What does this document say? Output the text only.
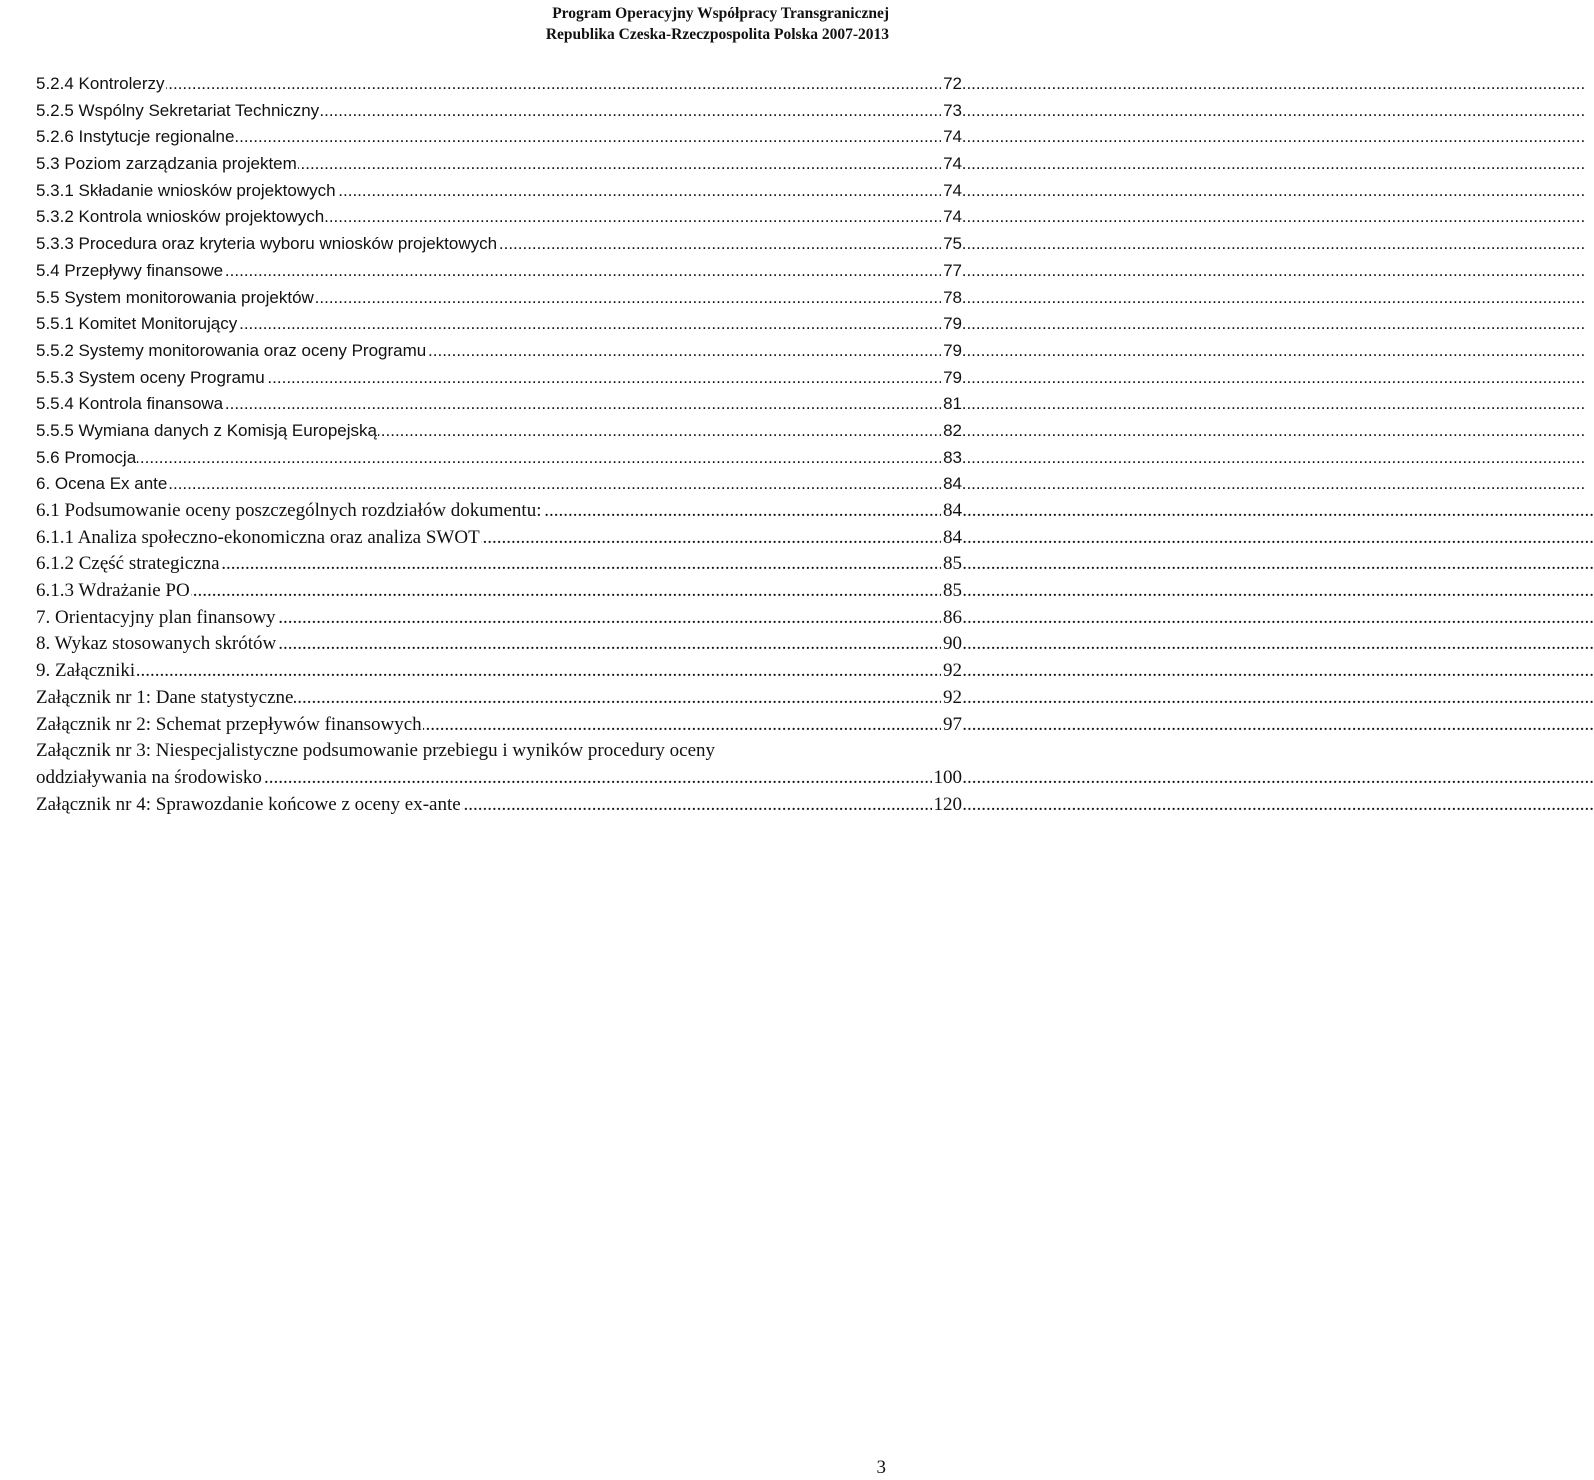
Program Operacyjny Współpracy Transgranicznej
Republika Czeska-Rzeczpospolita Polska 2007-2013
5.2.4 Kontrolerzy	72
.....
5.2.5 Wspólny Sekretariat Techniczny	73
.....
5.2.6 Instytucje regionalne	74
.....
5.3 Poziom zarządzania projektem	74
.....
5.3.1 Składanie wniosków projektowych	74
.....
5.3.2 Kontrola wniosków projektowych	74
.....
5.3.3 Procedura oraz kryteria wyboru wniosków projektowych	75
.....
5.4 Przepływy finansowe	77
.....
5.5 System monitorowania projektów	78
.....
5.5.1 Komitet Monitorujący	79
.....
5.5.2 Systemy monitorowania oraz oceny Programu	79
.....
5.5.3 System oceny Programu	79
.....
5.5.4 Kontrola finansowa	81
.....
5.5.5 Wymiana danych z Komisją Europejską	82
.....
5.6 Promocja	83
.....
6. Ocena Ex ante	84
.....
6.1 Podsumowanie oceny poszczególnych rozdziałów dokumentu:	84
.....
6.1.1 Analiza społeczno-ekonomiczna oraz analiza SWOT	84
.....
6.1.2 Część strategiczna	85
.....
6.1.3 Wdrażanie PO	85
.....
7. Orientacyjny plan finansowy	86
.....
8. Wykaz stosowanych skrótów	90
.....
9. Załączniki	92
.....
Załącznik nr 1: Dane statystyczne	92
.....
Załącznik nr 2: Schemat przepływów finansowych	97
.....
Załącznik nr 3: Niespecjalistyczne podsumowanie przebiegu i wyników procedury oceny
oddziaływania na środowisko	100
.....
Załącznik nr 4: Sprawozdanie końcowe z oceny ex-ante	120
.....
3
